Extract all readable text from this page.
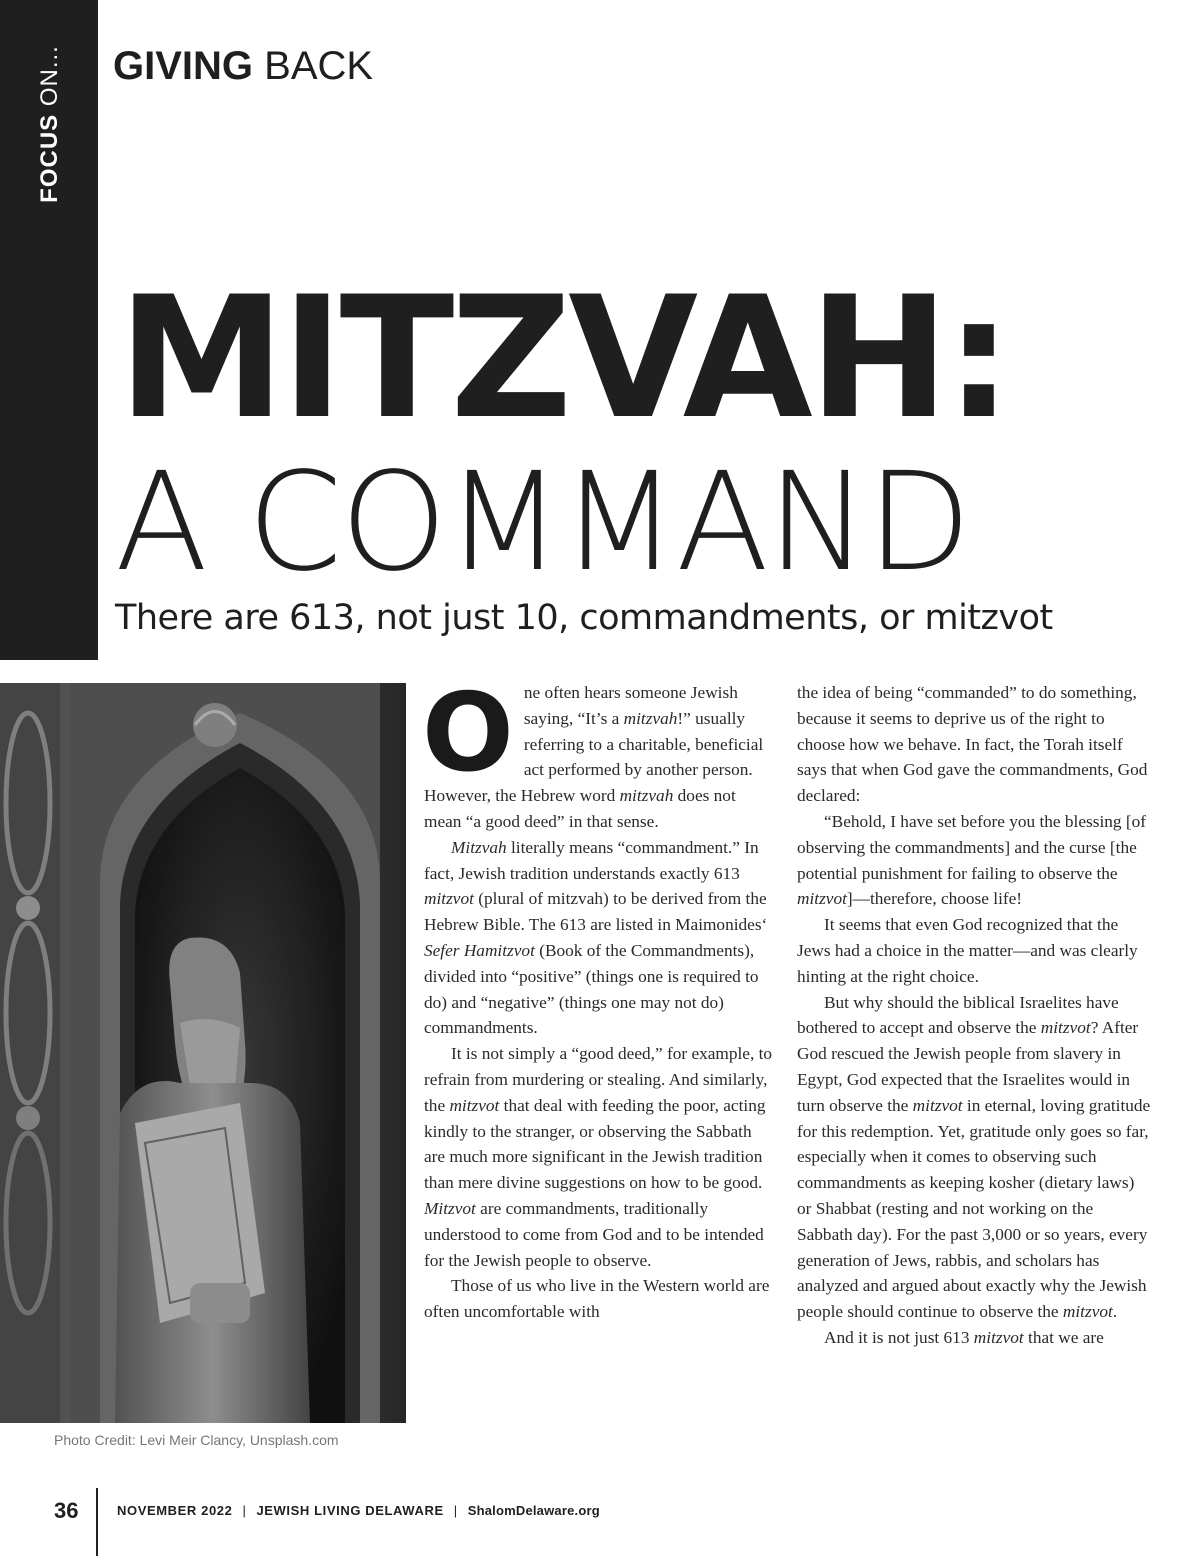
FOCUS ON... GIVING BACK
MITZVAH:
A COMMAND
There are 613, not just 10, commandments, or mitzvot
Photo Credit: Levi Meir Clancy, Unsplash.com
O ne often hears someone Jewish saying, “It’s a mitzvah!” usually referring to a charitable, beneficial act performed by another person. However, the Hebrew word mitzvah does not mean “a good deed” in that sense.

Mitzvah literally means “commandment.” In fact, Jewish tradition understands exactly 613 mitzvot (plural of mitzvah) to be derived from the Hebrew Bible. The 613 are listed in Maimonides‘ Sefer Hamitzvot (Book of the Commandments), divided into “positive” (things one is required to do) and “negative” (things one may not do) commandments.

It is not simply a “good deed,” for example, to refrain from murdering or stealing. And similarly, the mitzvot that deal with feeding the poor, acting kindly to the stranger, or observing the Sabbath are much more significant in the Jewish tradition than mere divine suggestions on how to be good. Mitzvot are commandments, traditionally understood to come from God and to be intended for the Jewish people to observe.

Those of us who live in the Western world are often uncomfortable with

the idea of being “commanded” to do something, because it seems to deprive us of the right to choose how we behave. In fact, the Torah itself says that when God gave the commandments, God declared:

“Behold, I have set before you the blessing [of observing the commandments] and the curse [the potential punishment for failing to observe the mitzvot]—therefore, choose life!

It seems that even God recognized that the Jews had a choice in the matter—and was clearly hinting at the right choice.

But why should the biblical Israelites have bothered to accept and observe the mitzvot? After God rescued the Jewish people from slavery in Egypt, God expected that the Israelites would in turn observe the mitzvot in eternal, loving gratitude for this redemption. Yet, gratitude only goes so far, especially when it comes to observing such commandments as keeping kosher (dietary laws) or Shabbat (resting and not working on the Sabbath day). For the past 3,000 or so years, every generation of Jews, rabbis, and scholars has analyzed and argued about exactly why the Jewish people should continue to observe the mitzvot.

And it is not just 613 mitzvot that we are

36	NOVEMBER 2022 | JEWISH LIVING DELAWARE | ShalomDelaware.org
